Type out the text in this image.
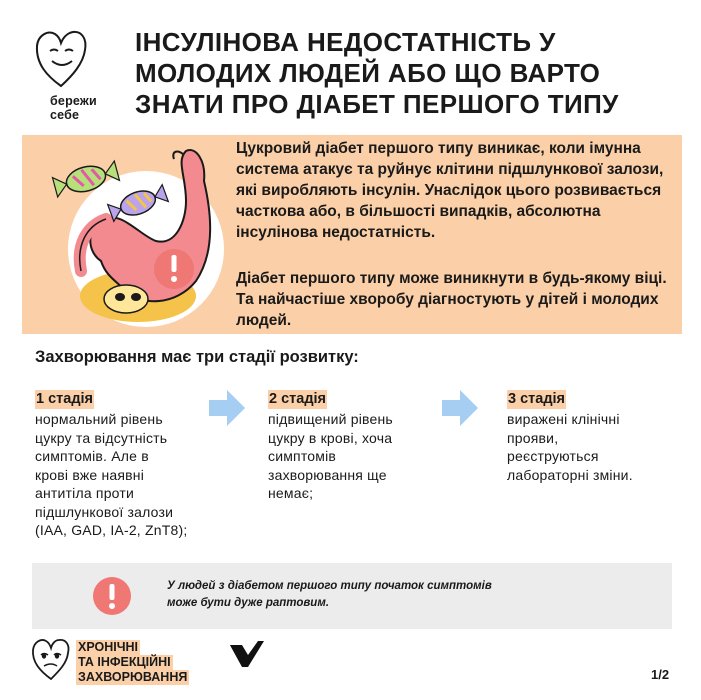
бережи
себе
ІНСУЛІНОВА НЕДОСТАТНІСТЬ У
МОЛОДИХ ЛЮДЕЙ АБО ЩО ВАРТО
ЗНАТИ ПРО ДІАБЕТ ПЕРШОГО ТИПУ
Цукровий діабет першого типу виникає, коли імунна система атакує та руйнує клітини підшлункової залози, які виробляють інсулін. Унаслідок цього розвивається часткова або, в більшості випадків, абсолютна інсулінова недостатність.
Діабет першого типу може виникнути в будь-якому віці. Та найчастіше хворобу діагностують у дітей і молодих людей.
Захворювання має три стадії розвитку:
1 стадія
нормальний рівень
цукру та відсутність
симптомів. Але в
крові вже наявні
антитіла проти
підшлункової залози
(IAA, GAD, IA-2, ZnT8);
2 стадія
підвищений рівень
цукру в крові, хоча
симптомів
захворювання ще
немає;
3 стадія
виражені клінічні
прояви,
реєструються
лабораторні зміни.
У людей з діабетом першого типу початок симптомів
може бути дуже раптовим.
ХРОНІЧНІ
ТА ІНФЕКЦІЙНІ
ЗАХВОРЮВАННЯ	1/2
